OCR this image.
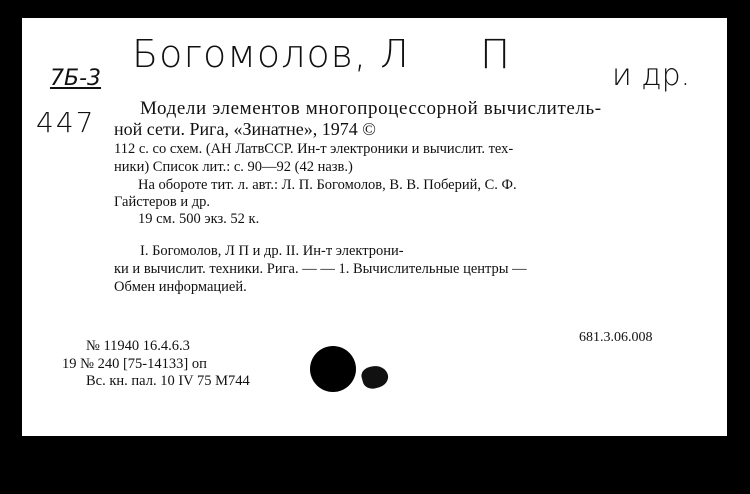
Богомолов, Л П	и др.
7Б-3
447 Модели элементов многопроцессорной вычислитель-
ной сети. Рига, «Зинатне», 1974 ©
112 с. со схем. (АН ЛатвССР. Ин-т электроники и вычислит. тех-
ники) Список лит.: с. 90—92 (42 назв.)
На обороте тит. л. авт.: Л. П. Богомолов, В. В. Поберий, С. Ф.
Гайстеров и др.
19 см. 500 экз. 52 к.
I. Богомолов, Л П и др. II. Ин-т электрони-
ки и вычислит. техники. Рига. — — 1. Вычислительные центры —
Обмен информацией.
681.3.06.008
№ 11940 16.4.6.3
19 № 240 [75-14133] оп
Вс. кн. пал. 10 IV 75 М744
